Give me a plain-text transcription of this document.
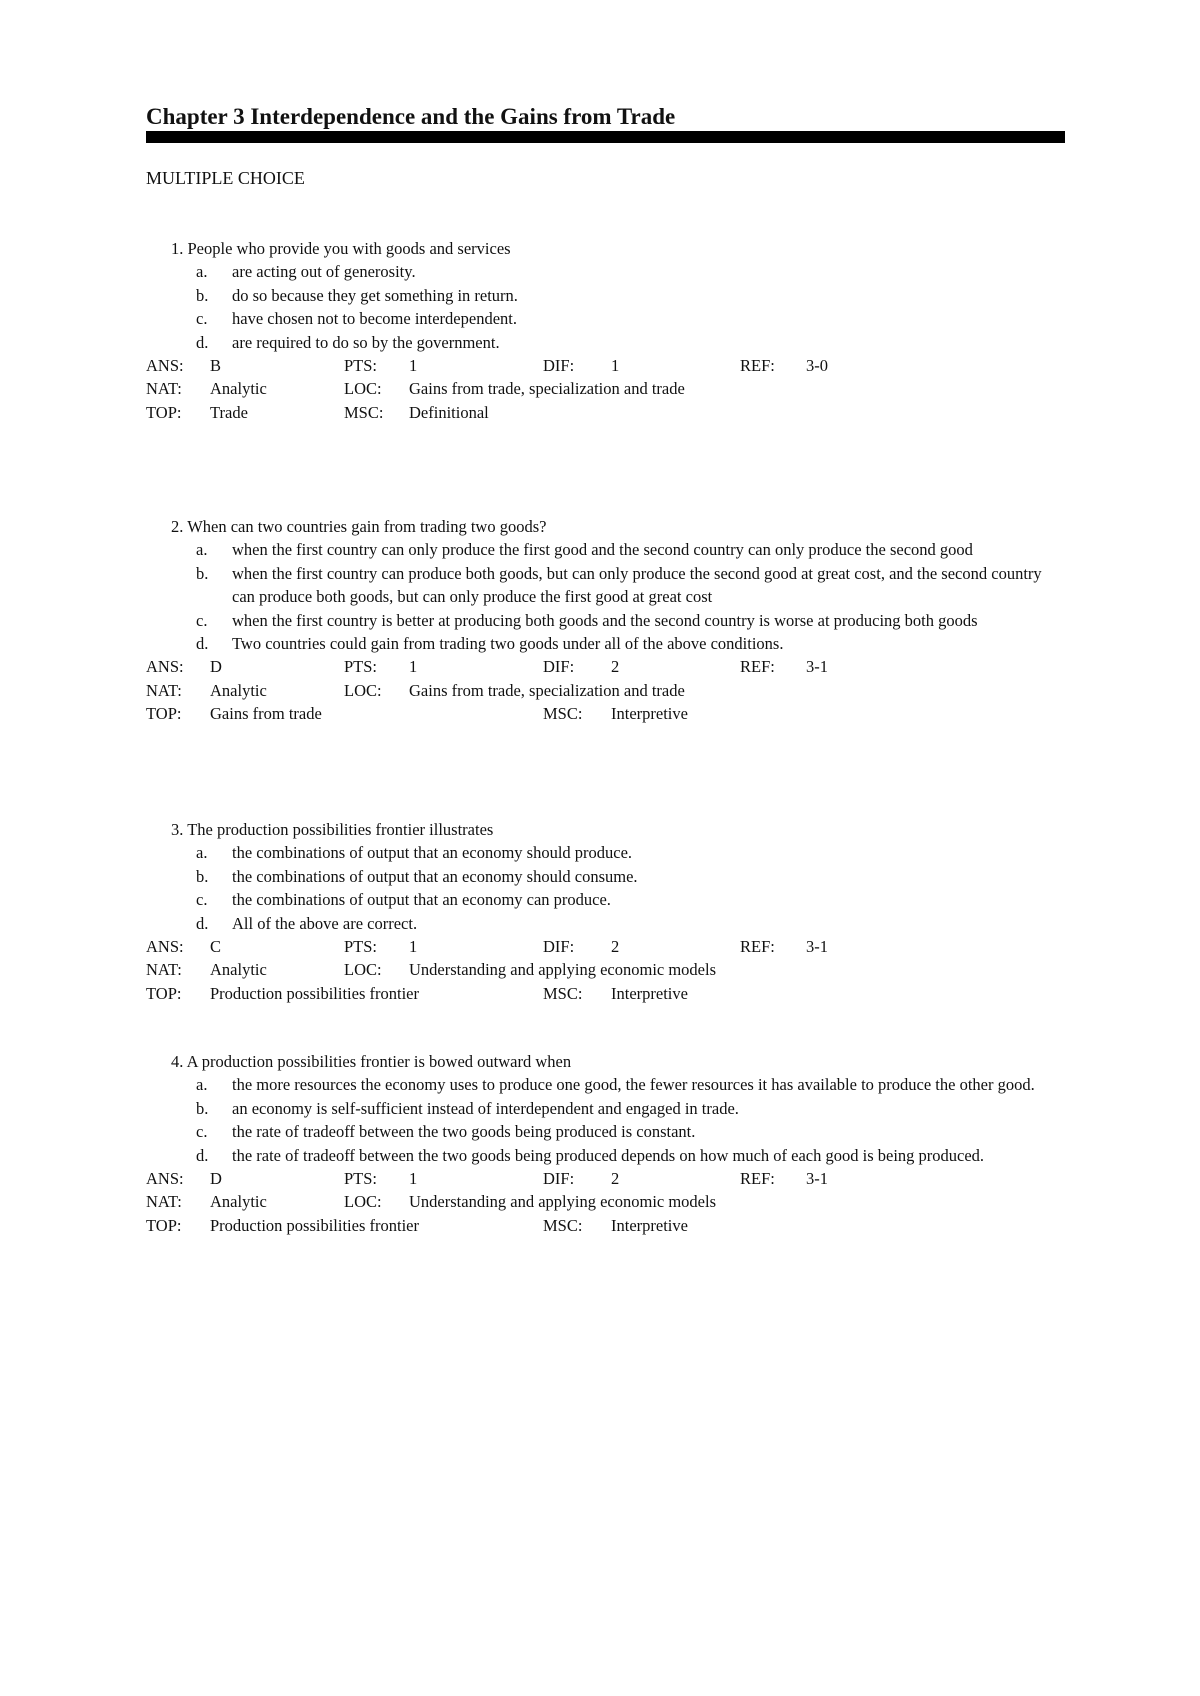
Chapter 3 Interdependence and the Gains from Trade
MULTIPLE CHOICE
1. People who provide you with goods and services
a.	are acting out of generosity.
b.	do so because they get something in return.
c.	have chosen not to become interdependent.
d.	are required to do so by the government.
ANS: B	PTS: 1	DIF: 1	REF: 3-0
NAT: Analytic	LOC: Gains from trade, specialization and trade
TOP: Trade	MSC: Definitional
2. When can two countries gain from trading two goods?
a.	when the first country can only produce the first good and the second country can only produce the second good
b.	when the first country can produce both goods, but can only produce the second good at great cost, and the second country can produce both goods, but can only produce the first good at great cost
c.	when the first country is better at producing both goods and the second country is worse at producing both goods
d.	Two countries could gain from trading two goods under all of the above conditions.
ANS: D	PTS: 1	DIF: 2	REF: 3-1
NAT: Analytic	LOC: Gains from trade, specialization and trade
TOP: Gains from trade	MSC: Interpretive
3. The production possibilities frontier illustrates
a.	the combinations of output that an economy should produce.
b.	the combinations of output that an economy should consume.
c.	the combinations of output that an economy can produce.
d.	All of the above are correct.
ANS: C	PTS: 1	DIF: 2	REF: 3-1
NAT: Analytic	LOC: Understanding and applying economic models
TOP: Production possibilities frontier	MSC: Interpretive
4. A production possibilities frontier is bowed outward when
a.	the more resources the economy uses to produce one good, the fewer resources it has available to produce the other good.
b.	an economy is self-sufficient instead of interdependent and engaged in trade.
c.	the rate of tradeoff between the two goods being produced is constant.
d.	the rate of tradeoff between the two goods being produced depends on how much of each good is being produced.
ANS: D	PTS: 1	DIF: 2	REF: 3-1
NAT: Analytic	LOC: Understanding and applying economic models
TOP: Production possibilities frontier	MSC: Interpretive
